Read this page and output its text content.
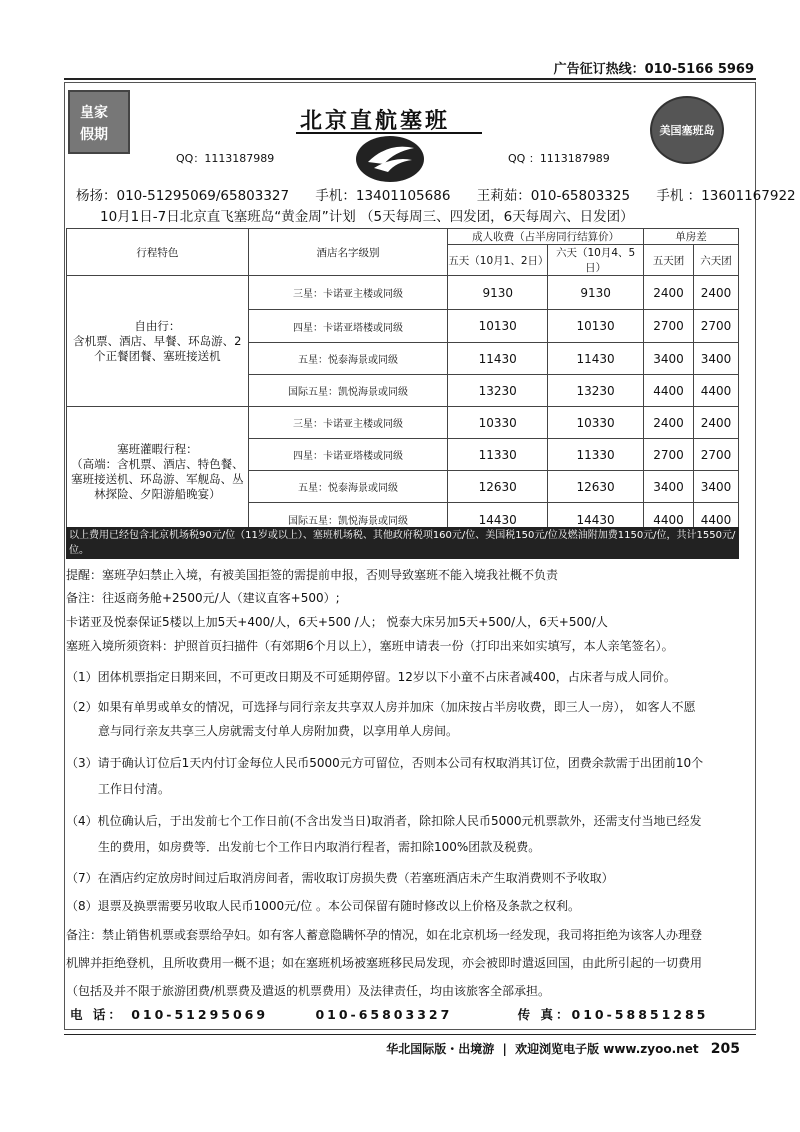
广告征订热线：010-5166 5969
皇家
假期
北京直航塞班
QQ：1113187989	QQ ：1113187989
美国塞班岛
杨扬：010-51295069/65803327 手机：13401105686 王莉茹：010-65803325 手机 ：13601167922
10月1日-7日北京直飞塞班岛“黄金周”计划 （5天每周三、四发团，6天每周六、日发团）
行程特色	酒店名字级别	成人收费（占半房同行结算价）		单房差	
		五天（10月1、2日）	六天（10月4、5日）	五天团	六天团
自由行：
含机票、酒店、早餐、环岛游、2个正餐团餐、塞班接送机	三星：卡诺亚主楼或同级	9130	9130	2400	2400
	四星：卡诺亚塔楼或同级	10130	10130	2700	2700
	五星：悦泰海景或同级	11430	11430	3400	3400
	国际五星：凯悦海景或同级	13230	13230	4400	4400
塞班灌暇行程：
（高端：含机票、酒店、特色餐、塞班接送机、环岛游、军舰岛、丛林探险、夕阳游船晚宴）	三星：卡诺亚主楼或同级	10330	10330	2400	2400
	四星：卡诺亚塔楼或同级	11330	11330	2700	2700
	五星：悦泰海景或同级	12630	12630	3400	3400
	国际五星：凯悦海景或同级	14430	14430	4400	4400
以上费用已经包含北京机场税90元/位（11岁或以上）、塞班机场税、其他政府税项160元/位、美国税150元/位及燃油附加费1150元/位，共计1550元/位。
提醒：塞班孕妇禁止入境，有被美国拒签的需提前申报，否则导致塞班不能入境我社概不负责
备注：往返商务舱+2500元/人（建议直客+500）;
卡诺亚及悦泰保证5楼以上加5天+400/人，6天+500 /人； 悦泰大床另加5天+500/人，6天+500/人
塞班入境所须资料：护照首页扫描件（有郊期6个月以上），塞班申请表一份（打印出来如实填写，本人亲笔签名）。
（1）团体机票指定日期来回，不可更改日期及不可延期停留。12岁以下小童不占床者减400，占床者与成人同价。
（2）如果有单男或单女的情况，可选择与同行亲友共享双人房并加床（加床按占半房收费，即三人一房）， 如客人不愿
意与同行亲友共享三人房就需支付单人房附加费，以享用单人房间。
（3）请于确认订位后1天内付订金每位人民币5000元方可留位，否则本公司有权取消其订位，团费余款需于出团前10个
工作日付清。
（4）机位确认后，于出发前七个工作日前(不含出发当日)取消者，除扣除人民币5000元机票款外，还需支付当地已经发
生的费用，如房费等．出发前七个工作日内取消行程者，需扣除100%团款及税费。
（7）在酒店约定放房时间过后取消房间者，需收取订房损失费（若塞班酒店未产生取消费则不予收取）
（8）退票及换票需要另收取人民币1000元/位 。本公司保留有随时修改以上价格及条款之权利。
备注：禁止销售机票或套票给孕妇。如有客人蓄意隐瞒怀孕的情况，如在北京机场一经发现，我司将拒绝为该客人办理登
机牌并拒绝登机，且所收费用一概不退；如在塞班机场被塞班移民局发现，亦会被即时遣返回国，由此所引起的一切费用
（包括及并不限于旅游团费/机票费及遣返的机票费用）及法律责任，均由该旅客全部承担。
电 话： 010-51295069	010-65803327	传 真：010-58851285
华北国际版・出境游 | 欢迎浏览电子版 www.zyoo.net 205
